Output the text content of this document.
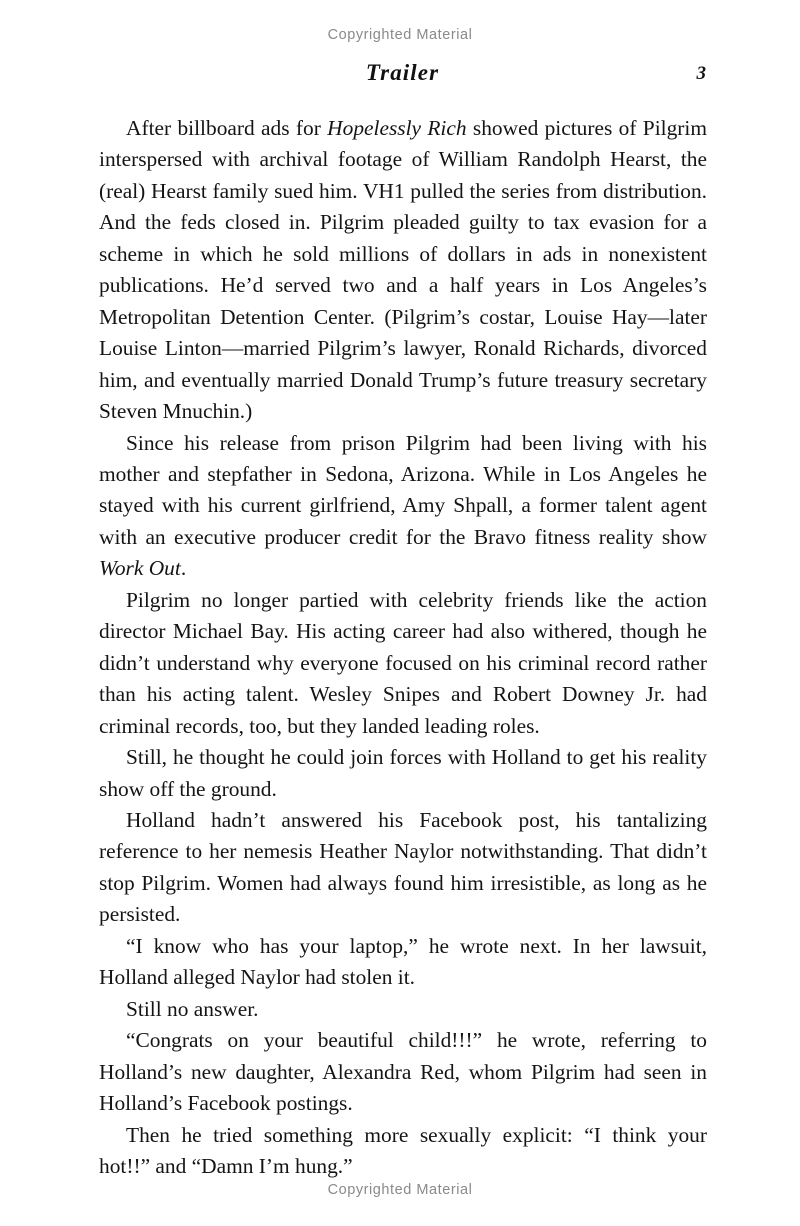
Copyrighted Material
Trailer	3

After billboard ads for Hopelessly Rich showed pictures of Pilgrim interspersed with archival footage of William Randolph Hearst, the (real) Hearst family sued him. VH1 pulled the series from distribution. And the feds closed in. Pilgrim pleaded guilty to tax evasion for a scheme in which he sold millions of dollars in ads in nonexistent publications. He’d served two and a half years in Los Angeles’s Metropolitan Detention Center. (Pilgrim’s costar, Louise Hay—later Louise Linton—married Pilgrim’s lawyer, Ronald Richards, divorced him, and eventually married Donald Trump’s future treasury secretary Steven Mnuchin.)

Since his release from prison Pilgrim had been living with his mother and stepfather in Sedona, Arizona. While in Los Angeles he stayed with his current girlfriend, Amy Shpall, a former talent agent with an executive producer credit for the Bravo fitness reality show Work Out.

Pilgrim no longer partied with celebrity friends like the action director Michael Bay. His acting career had also withered, though he didn’t understand why everyone focused on his criminal record rather than his acting talent. Wesley Snipes and Robert Downey Jr. had criminal records, too, but they landed leading roles.

Still, he thought he could join forces with Holland to get his reality show off the ground.

Holland hadn’t answered his Facebook post, his tantalizing reference to her nemesis Heather Naylor notwithstanding. That didn’t stop Pilgrim. Women had always found him irresistible, as long as he persisted.

“I know who has your laptop,” he wrote next. In her lawsuit, Holland alleged Naylor had stolen it.

Still no answer.

“Congrats on your beautiful child!!!” he wrote, referring to Holland’s new daughter, Alexandra Red, whom Pilgrim had seen in Holland’s Facebook postings.

Then he tried something more sexually explicit: “I think your hot!!” and “Damn I’m hung.”

Copyrighted Material
